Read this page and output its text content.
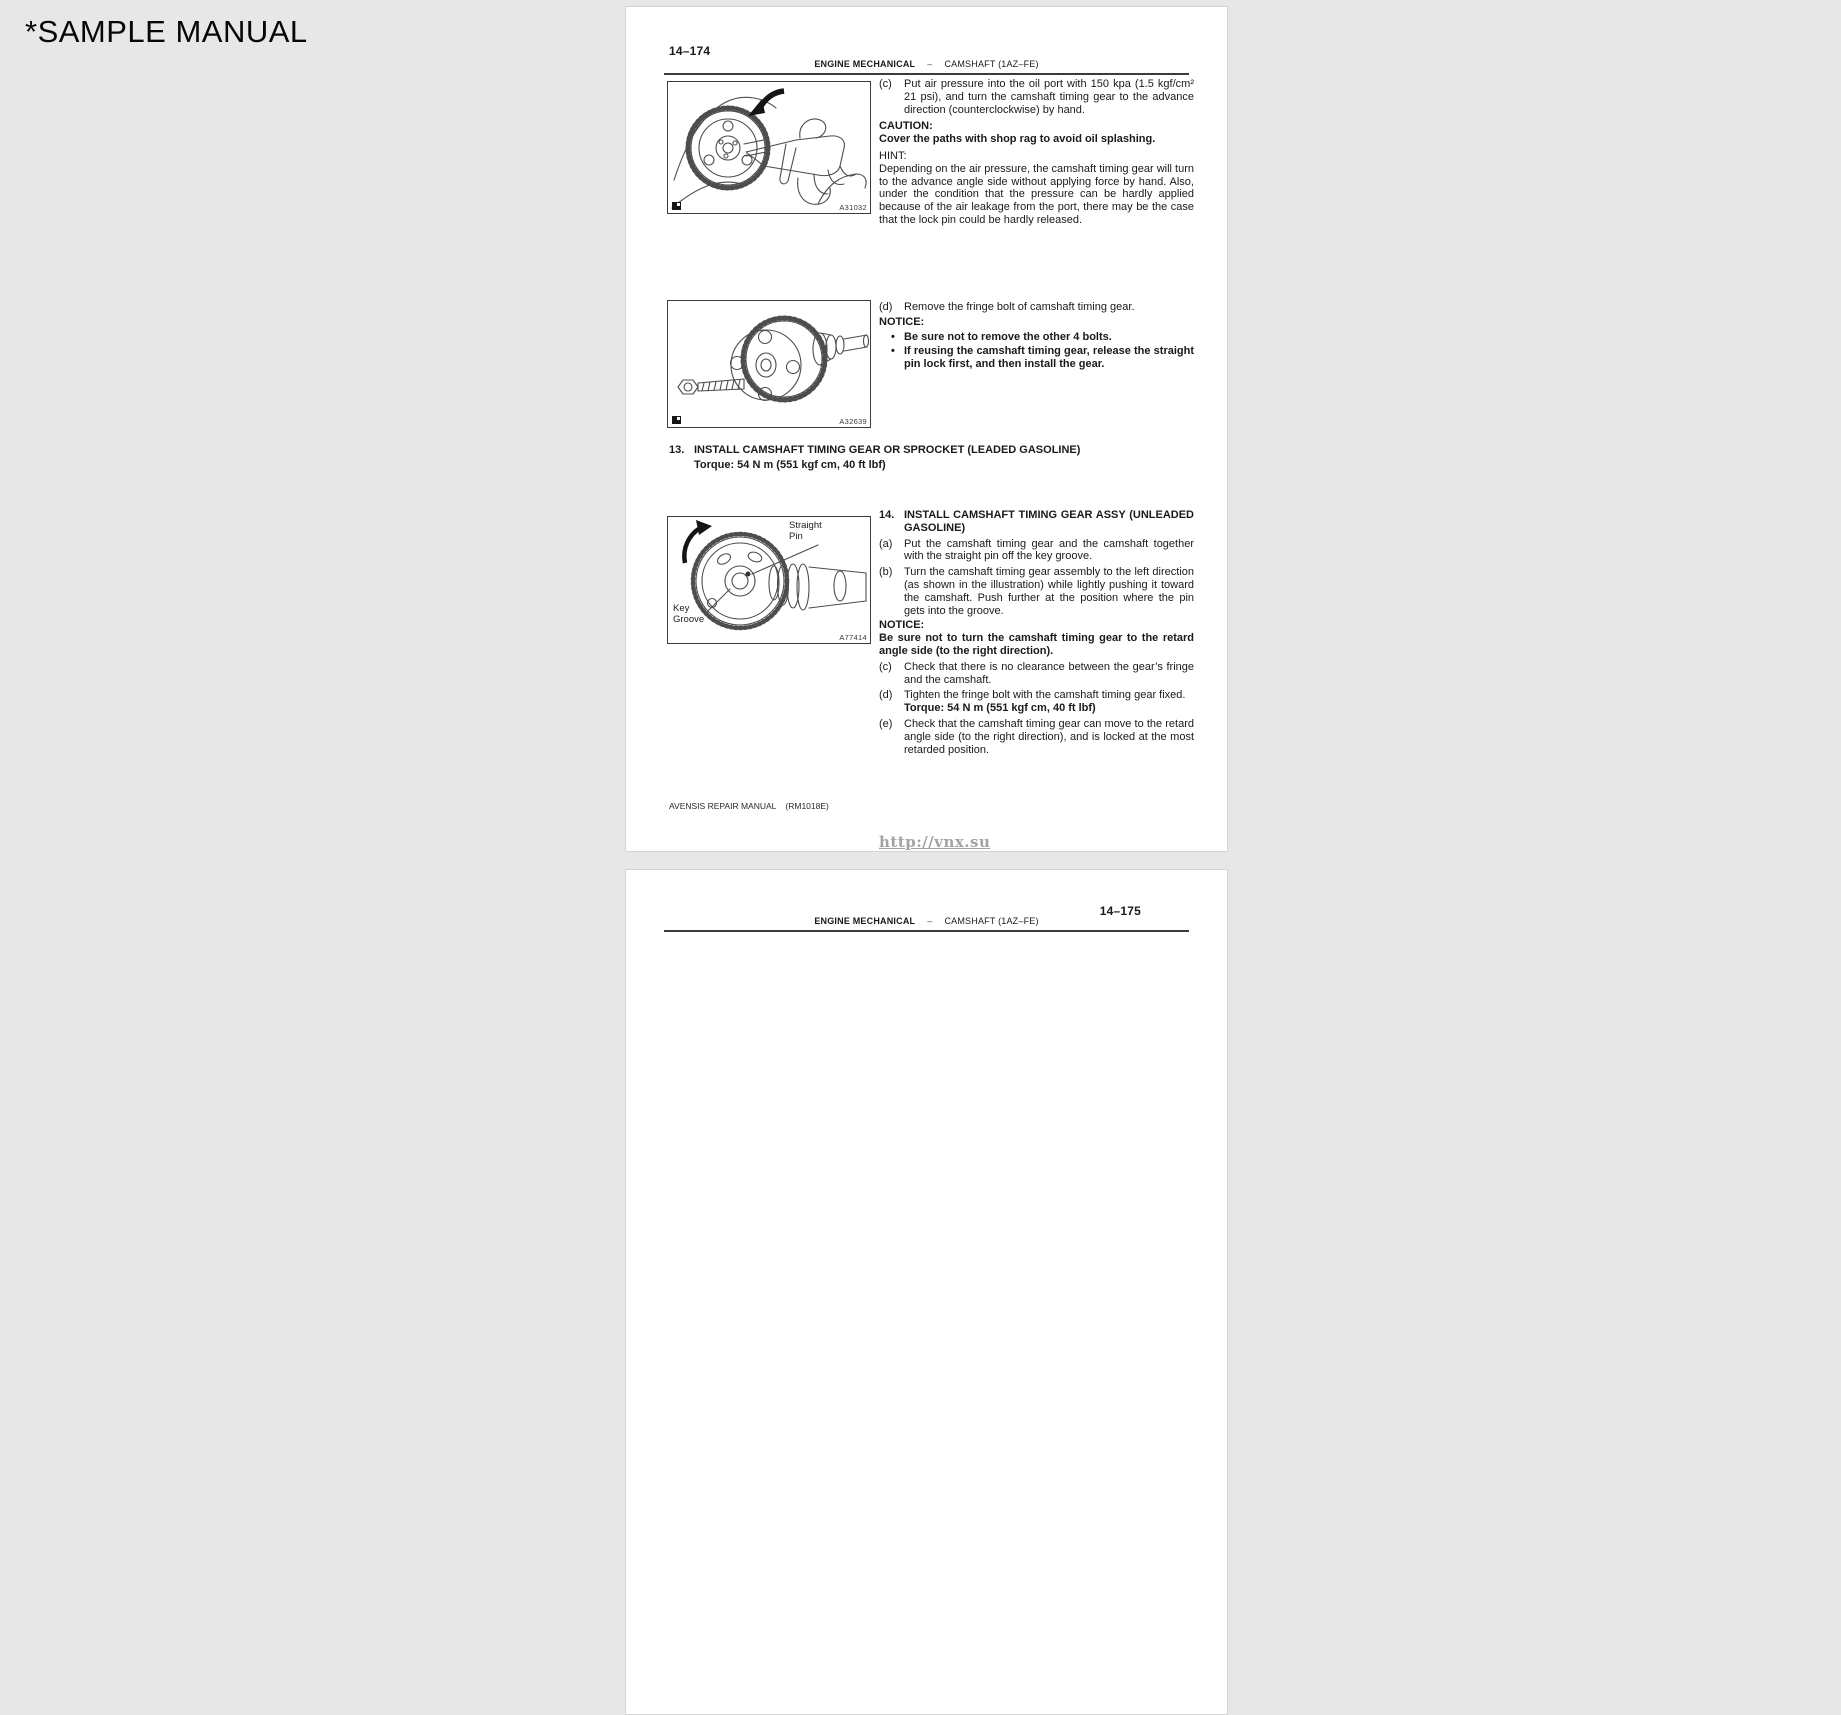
*SAMPLE MANUAL
14–174
ENGINE MECHANICAL – CAMSHAFT (1AZ–FE)
A31032
(c)	Put air pressure into the oil port with 150 kpa (1.5 kgf/cm² 21 psi), and turn the camshaft timing gear to the advance direction (counterclockwise) by hand.
CAUTION:
Cover the paths with shop rag to avoid oil splashing.
HINT:
Depending on the air pressure, the camshaft timing gear will turn to the advance angle side without applying force by hand. Also, under the condition that the pressure can be hardly applied because of the air leakage from the port, there may be the case that the lock pin could be hardly released.
A32639
(d)	Remove the fringe bolt of camshaft timing gear.
NOTICE:
• Be sure not to remove the other 4 bolts.
• If reusing the camshaft timing gear, release the straight pin lock first, and then install the gear.
13. INSTALL CAMSHAFT TIMING GEAR OR SPROCKET (LEADED GASOLINE)
Torque: 54 N m (551 kgf cm, 40 ft lbf)
Straight Pin
Key Groove
A77414
14. INSTALL CAMSHAFT TIMING GEAR ASSY (UNLEADED GASOLINE)
(a)	Put the camshaft timing gear and the camshaft together with the straight pin off the key groove.
(b)	Turn the camshaft timing gear assembly to the left direction (as shown in the illustration) while lightly pushing it toward the camshaft. Push further at the position where the pin gets into the groove.
NOTICE:
Be sure not to turn the camshaft timing gear to the retard angle side (to the right direction).
(c)	Check that there is no clearance between the gear’s fringe and the camshaft.
(d)	Tighten the fringe bolt with the camshaft timing gear fixed.
Torque: 54 N m (551 kgf cm, 40 ft lbf)
(e)	Check that the camshaft timing gear can move to the retard angle side (to the right direction), and is locked at the most retarded position.
AVENSIS REPAIR MANUAL (RM1018E)
http://vnx.su
14–175
ENGINE MECHANICAL – CAMSHAFT (1AZ–FE)
